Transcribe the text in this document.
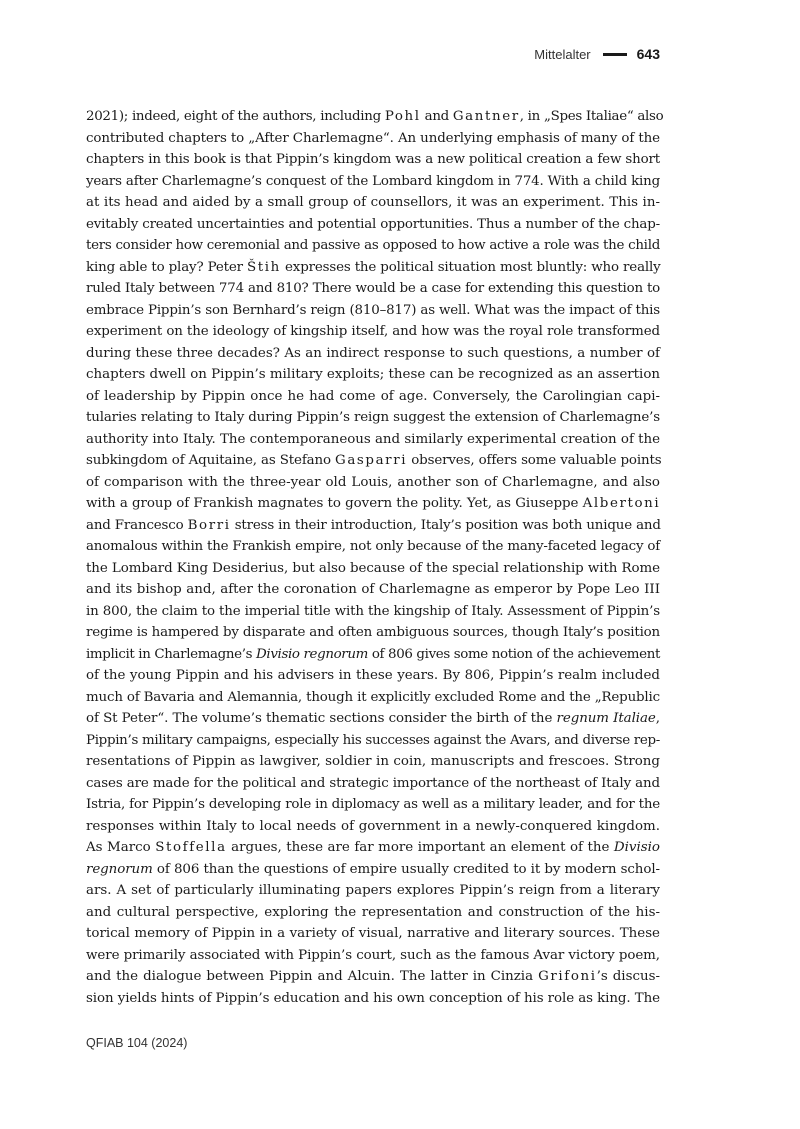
Mittelalter	643
2021); indeed, eight of the authors, including Pohl and Gantner, in „Spes Italiae“ also
contributed chapters to „After Charlemagne“. An underlying emphasis of many of the
chapters in this book is that Pippin’s kingdom was a new political creation a few short
years after Charlemagne’s conquest of the Lombard kingdom in 774. With a child king
at its head and aided by a small group of counsellors, it was an experiment. This in-
evitably created uncertainties and potential opportunities. Thus a number of the chap-
ters consider how ceremonial and passive as opposed to how active a role was the child
king able to play? Peter Štih expresses the political situation most bluntly: who really
ruled Italy between 774 and 810? There would be a case for extending this question to
embrace Pippin’s son Bernhard’s reign (810–817) as well. What was the impact of this
experiment on the ideology of kingship itself, and how was the royal role transformed
during these three decades? As an indirect response to such questions, a number of
chapters dwell on Pippin’s military exploits; these can be recognized as an assertion
of leadership by Pippin once he had come of age. Conversely, the Carolingian capi-
tularies relating to Italy during Pippin’s reign suggest the extension of Charlemagne’s
authority into Italy. The contemporaneous and similarly experimental creation of the
subkingdom of Aquitaine, as Stefano Gasparri observes, offers some valuable points
of comparison with the three-year old Louis, another son of Charlemagne, and also
with a group of Frankish magnates to govern the polity. Yet, as Giuseppe Albertoni
and Francesco Borri stress in their introduction, Italy’s position was both unique and
anomalous within the Frankish empire, not only because of the many-faceted legacy of
the Lombard King Desiderius, but also because of the special relationship with Rome
and its bishop and, after the coronation of Charlemagne as emperor by Pope Leo III
in 800, the claim to the imperial title with the kingship of Italy. Assessment of Pippin’s
regime is hampered by disparate and often ambiguous sources, though Italy’s position
implicit in Charlemagne’s Divisio regnorum of 806 gives some notion of the achievement
of the young Pippin and his advisers in these years. By 806, Pippin’s realm included
much of Bavaria and Alemannia, though it explicitly excluded Rome and the „Republic
of St Peter“. The volume’s thematic sections consider the birth of the regnum Italiae,
Pippin’s military campaigns, especially his successes against the Avars, and diverse rep-
resentations of Pippin as lawgiver, soldier in coin, manuscripts and frescoes. Strong
cases are made for the political and strategic importance of the northeast of Italy and
Istria, for Pippin’s developing role in diplomacy as well as a military leader, and for the
responses within Italy to local needs of government in a newly-conquered kingdom.
As Marco Stoffella argues, these are far more important an element of the Divisio
regnorum of 806 than the questions of empire usually credited to it by modern schol-
ars. A set of particularly illuminating papers explores Pippin’s reign from a literary
and cultural perspective, exploring the representation and construction of the his-
torical memory of Pippin in a variety of visual, narrative and literary sources. These
were primarily associated with Pippin’s court, such as the famous Avar victory poem,
and the dialogue between Pippin and Alcuin. The latter in Cinzia Grifoni’s discus-
sion yields hints of Pippin’s education and his own conception of his role as king. The
QFIAB 104 (2024)
